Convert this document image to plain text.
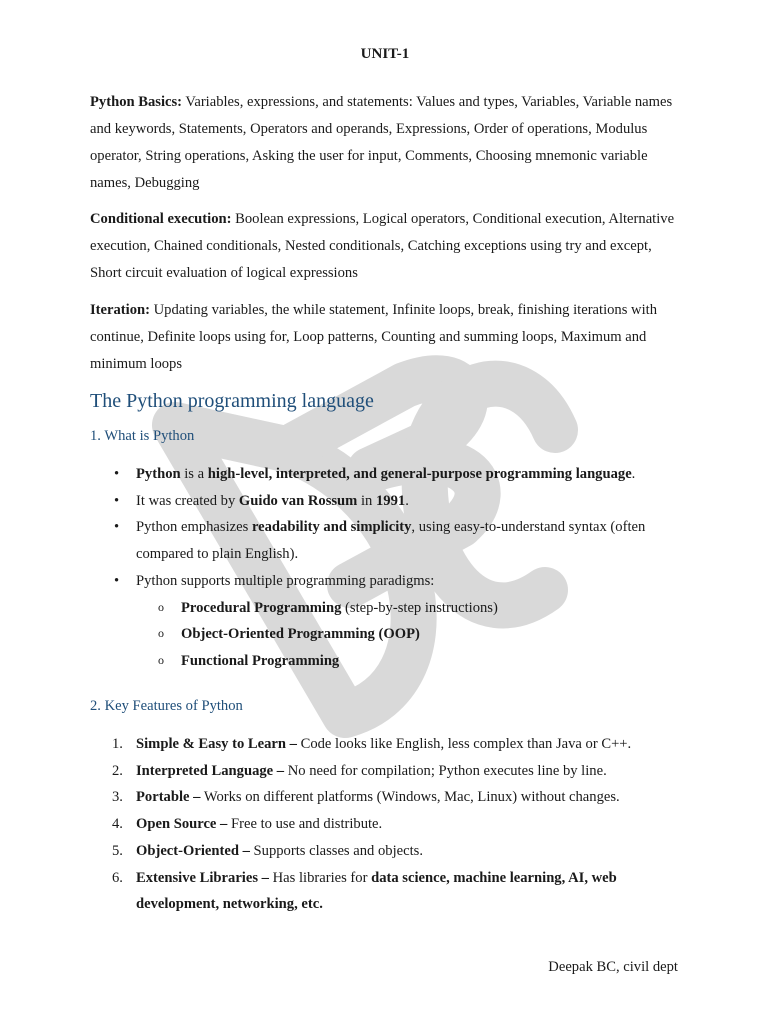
UNIT-1

Python Basics: Variables, expressions, and statements: Values and types, Variables, Variable names and keywords, Statements, Operators and operands, Expressions, Order of operations, Modulus operator, String operations, Asking the user for input, Comments, Choosing mnemonic variable names, Debugging

Conditional execution: Boolean expressions, Logical operators, Conditional execution, Alternative execution, Chained conditionals, Nested conditionals, Catching exceptions using try and except, Short circuit evaluation of logical expressions

Iteration: Updating variables, the while statement, Infinite loops, break, finishing iterations with continue, Definite loops using for, Loop patterns, Counting and summing loops, Maximum and minimum loops

The Python programming language
1. What is Python
• Python is a high-level, interpreted, and general-purpose programming language.
• It was created by Guido van Rossum in 1991.
• Python emphasizes readability and simplicity, using easy-to-understand syntax (often compared to plain English).
• Python supports multiple programming paradigms:
o Procedural Programming (step-by-step instructions)
o Object-Oriented Programming (OOP)
o Functional Programming
2. Key Features of Python
1. Simple & Easy to Learn – Code looks like English, less complex than Java or C++.
2. Interpreted Language – No need for compilation; Python executes line by line.
3. Portable – Works on different platforms (Windows, Mac, Linux) without changes.
4. Open Source – Free to use and distribute.
5. Object-Oriented – Supports classes and objects.
6. Extensive Libraries – Has libraries for data science, machine learning, AI, web development, networking, etc.

Deepak BC, civil dept
